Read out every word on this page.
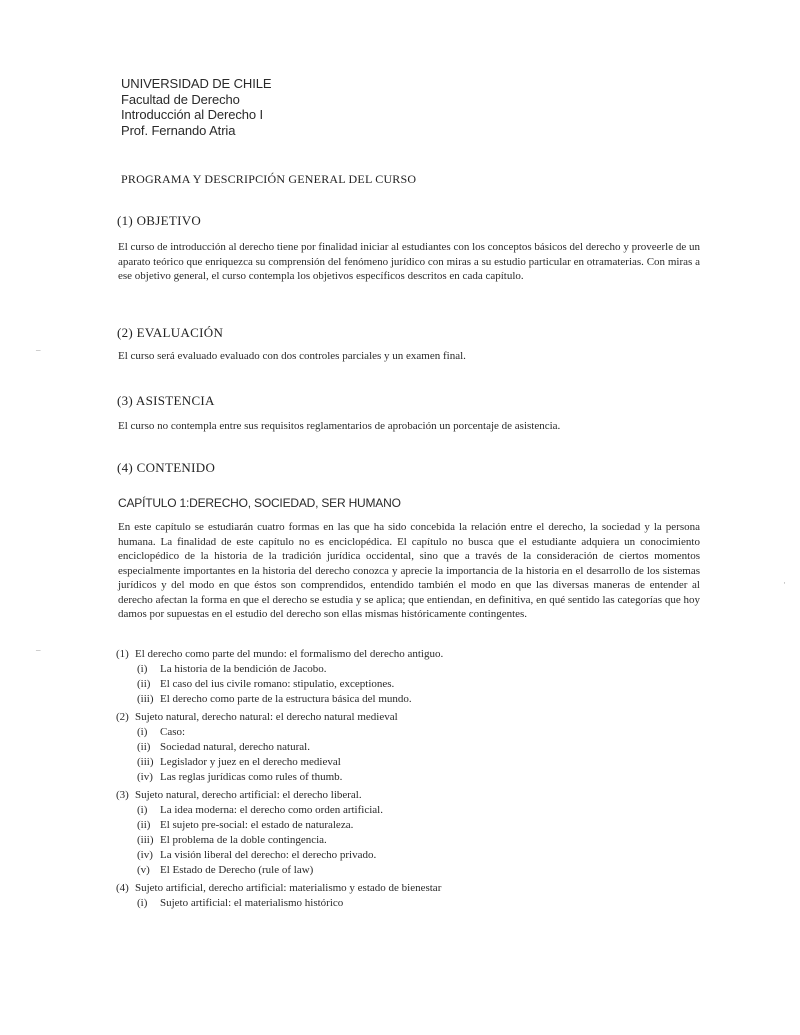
UNIVERSIDAD DE CHILE
Facultad de Derecho
Introducción al Derecho I
Prof. Fernando Atria
PROGRAMA Y DESCRIPCIÓN GENERAL DEL CURSO
(1) OBJETIVO
El curso de introducción al derecho tiene por finalidad iniciar al estudiantes con los conceptos básicos del derecho y proveerle de un aparato teórico que enriquezca su comprensión del fenómeno jurídico con miras a su estudio particular en otramaterias. Con miras a ese objetivo general, el curso contempla los objetivos específicos descritos en cada capítulo.
(2) EVALUACIÓN
El curso será evaluado evaluado con dos controles parciales y un examen final.
(3) ASISTENCIA
El curso no contempla entre sus requisitos reglamentarios de aprobación un porcentaje de asistencia.
(4) CONTENIDO
CAPÍTULO 1:DERECHO, SOCIEDAD, SER HUMANO
En este capítulo se estudiarán cuatro formas en las que ha sido concebida la relación entre el derecho, la sociedad y la persona humana. La finalidad de este capítulo no es enciclopédica. El capítulo no busca que el estudiante adquiera un conocimiento enciclopédico de la historia de la tradición jurídica occidental, sino que a través de la consideración de ciertos momentos especialmente importantes en la historia del derecho conozca y aprecie la importancia de la historia en el desarrollo de los sistemas jurídicos y del modo en que éstos son comprendidos, entendido también el modo en que las diversas maneras de entender al derecho afectan la forma en que el derecho se estudia y se aplica; que entiendan, en definitiva, en qué sentido las categorías que hoy damos por supuestas en el estudio del derecho son ellas mismas históricamente contingentes.
(1) El derecho como parte del mundo: el formalismo del derecho antiguo.
(i)	La historia de la bendición de Jacobo.
(ii) El caso del ius civile romano: stipulatio, exceptiones.
(iii) El derecho como parte de la estructura básica del mundo.
(2) Sujeto natural, derecho natural: el derecho natural medieval
(i)	Caso:
(ii) Sociedad natural, derecho natural.
(iii) Legislador y juez en el derecho medieval
(iv) Las reglas jurídicas como rules of thumb.
(3) Sujeto natural, derecho artificial: el derecho liberal.
(i)	La idea moderna: el derecho como orden artificial.
(ii) El sujeto pre-social: el estado de naturaleza.
(iii) El problema de la doble contingencia.
(iv) La visión liberal del derecho: el derecho privado.
(v) El Estado de Derecho (rule of law)
(4) Sujeto artificial, derecho artificial: materialismo y estado de bienestar
(i)	Sujeto artificial: el materialismo histórico
–
–
·
